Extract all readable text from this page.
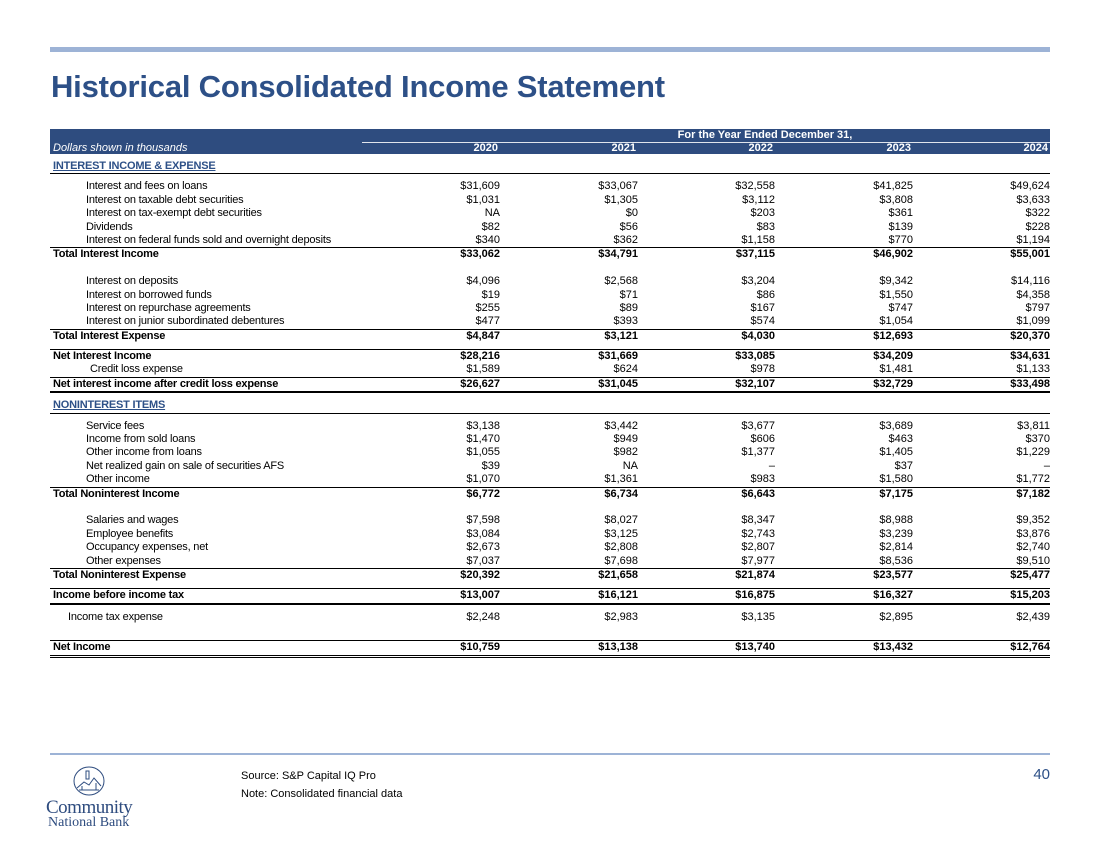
Historical Consolidated Income Statement
For the Year Ended December 31,
Dollars shown in thousands	2020	2021	2022	2023	2024
INTEREST INCOME & EXPENSE
Interest and fees on loans	$31,609	$33,067	$32,558	$41,825	$49,624
Interest on taxable debt securities	$1,031	$1,305	$3,112	$3,808	$3,633
Interest on tax-exempt debt securities	NA	$0	$203	$361	$322
Dividends	$82	$56	$83	$139	$228
Interest on federal funds sold and overnight deposits	$340	$362	$1,158	$770	$1,194
Total Interest Income	$33,062	$34,791	$37,115	$46,902	$55,001
Interest on deposits	$4,096	$2,568	$3,204	$9,342	$14,116
Interest on borrowed funds	$19	$71	$86	$1,550	$4,358
Interest on repurchase agreements	$255	$89	$167	$747	$797
Interest on junior subordinated debentures	$477	$393	$574	$1,054	$1,099
Total Interest Expense	$4,847	$3,121	$4,030	$12,693	$20,370
Net Interest Income	$28,216	$31,669	$33,085	$34,209	$34,631
Credit loss expense	$1,589	$624	$978	$1,481	$1,133
Net interest income after credit loss expense	$26,627	$31,045	$32,107	$32,729	$33,498
NONINTEREST ITEMS
Service fees	$3,138	$3,442	$3,677	$3,689	$3,811
Income from sold loans	$1,470	$949	$606	$463	$370
Other income from loans	$1,055	$982	$1,377	$1,405	$1,229
Net realized gain on sale of securities AFS	$39	NA	–	$37	–
Other income	$1,070	$1,361	$983	$1,580	$1,772
Total Noninterest Income	$6,772	$6,734	$6,643	$7,175	$7,182
Salaries and wages	$7,598	$8,027	$8,347	$8,988	$9,352
Employee benefits	$3,084	$3,125	$2,743	$3,239	$3,876
Occupancy expenses, net	$2,673	$2,808	$2,807	$2,814	$2,740
Other expenses	$7,037	$7,698	$7,977	$8,536	$9,510
Total Noninterest Expense	$20,392	$21,658	$21,874	$23,577	$25,477
Income before income tax	$13,007	$16,121	$16,875	$16,327	$15,203
Income tax expense	$2,248	$2,983	$3,135	$2,895	$2,439
Net Income	$10,759	$13,138	$13,740	$13,432	$12,764
Community
National Bank
Source: S&P Capital IQ Pro
Note: Consolidated financial data
40
